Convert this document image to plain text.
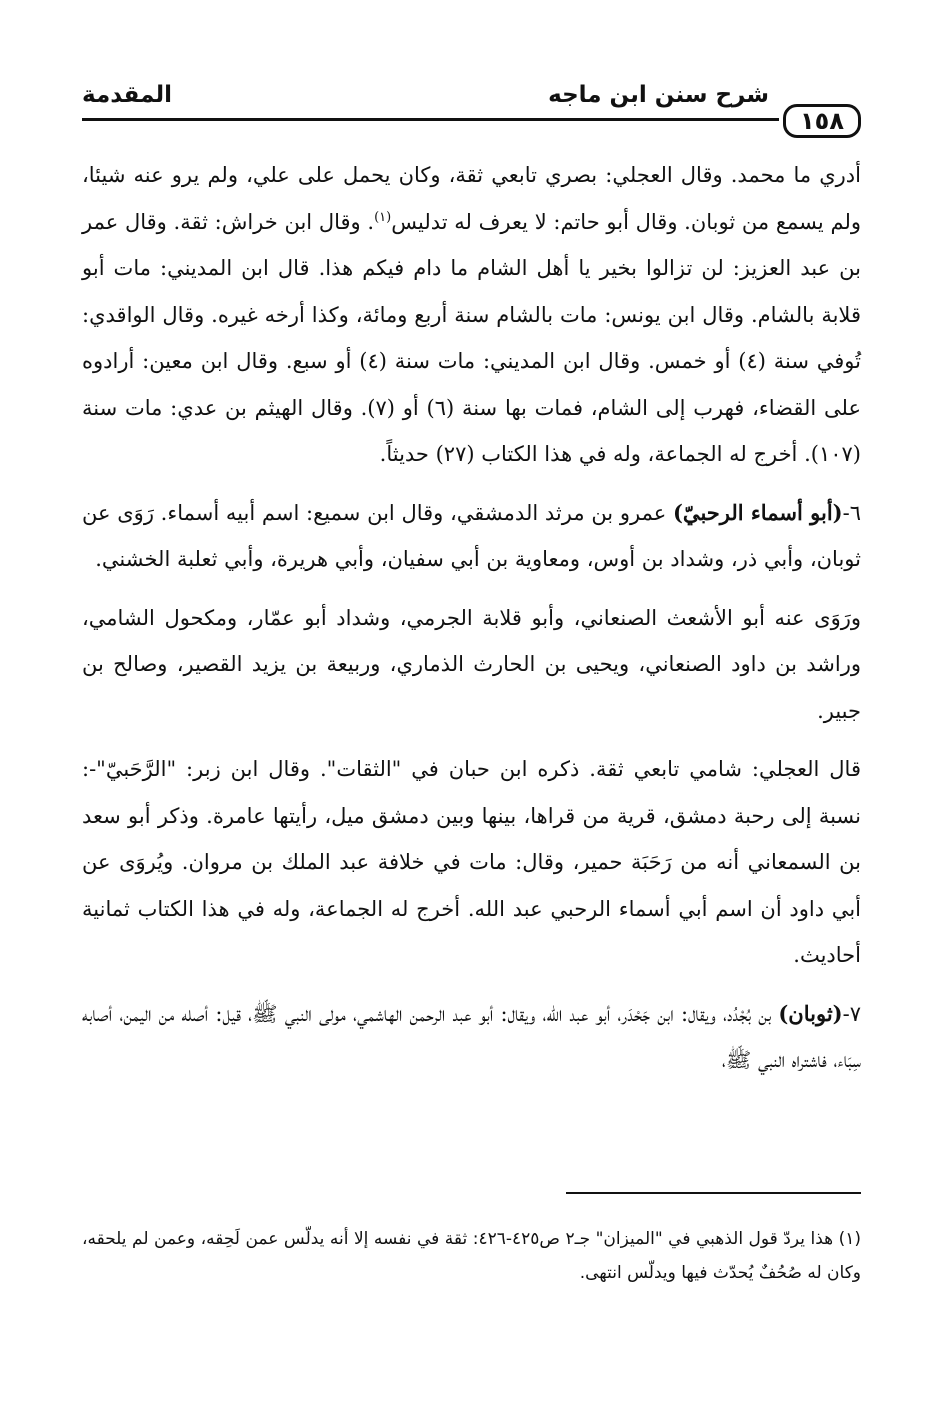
١٥٨
شرح سنن ابن ماجه
المقدمة

أدري ما محمد. وقال العجلي: بصري تابعي ثقة، وكان يحمل على علي، ولم يرو عنه شيئا، ولم يسمع من ثوبان. وقال أبو حاتم: لا يعرف له تدليس$^{(١)}$. وقال ابن خراش: ثقة. وقال عمر بن عبد العزيز: لن تزالوا بخير يا أهل الشام ما دام فيكم هذا. قال ابن المديني: مات أبو قلابة بالشام. وقال ابن يونس: مات بالشام سنة أربع ومائة، وكذا أرخه غيره. وقال الواقدي: تُوفي سنة (٤) أو خمس. وقال ابن المديني: مات سنة (٤) أو سبع. وقال ابن معين: أرادوه على القضاء، فهرب إلى الشام، فمات بها سنة (٦) أو (٧). وقال الهيثم بن عدي: مات سنة (١٠٧). أخرج له الجماعة، وله في هذا الكتاب (٢٧) حديثاً.

٦-(أبو أسماء الرحبيّ) عمرو بن مرثد الدمشقي، وقال ابن سميع: اسم أبيه أسماء. رَوَى عن ثوبان، وأبي ذر، وشداد بن أوس، ومعاوية بن أبي سفيان، وأبي هريرة، وأبي ثعلبة الخشني.

ورَوَى عنه أبو الأشعث الصنعاني، وأبو قلابة الجرمي، وشداد أبو عمّار، ومكحول الشامي، وراشد بن داود الصنعاني، ويحيى بن الحارث الذماري، وربيعة بن يزيد القصير، وصالح بن جبير.

قال العجلي: شامي تابعي ثقة. ذكره ابن حبان في "الثقات". وقال ابن زبر: "الرَّحَبيّ"-: نسبة إلى رحبة دمشق، قرية من قراها، بينها وبين دمشق ميل، رأيتها عامرة. وذكر أبو سعد بن السمعاني أنه من رَحَبَة حمير، وقال: مات في خلافة عبد الملك بن مروان. ويُروَى عن أبي داود أن اسم أبي أسماء الرحبي عبد الله. أخرج له الجماعة، وله في هذا الكتاب ثمانية أحاديث.

٧-(ثوبان) بن بُجْدُد، ويقال: ابن جَحْدَر، أبو عبد الله، ويقال: أبو عبد الرحمن الهاشمي، مولى النبي ﷺ، قيل: أصله من اليمن، أصابه سِبَاء، فاشتراه النبي ﷺ،

(١) هذا يردّ قول الذهبي في "الميزان" جـ٢ ص٤٢٥-٤٢٦: ثقة في نفسه إلا أنه يدلّس عمن لَحِقه، وعمن لم يلحقه، وكان له صُحُفٌ يُحدّث فيها ويدلّس انتهى.
